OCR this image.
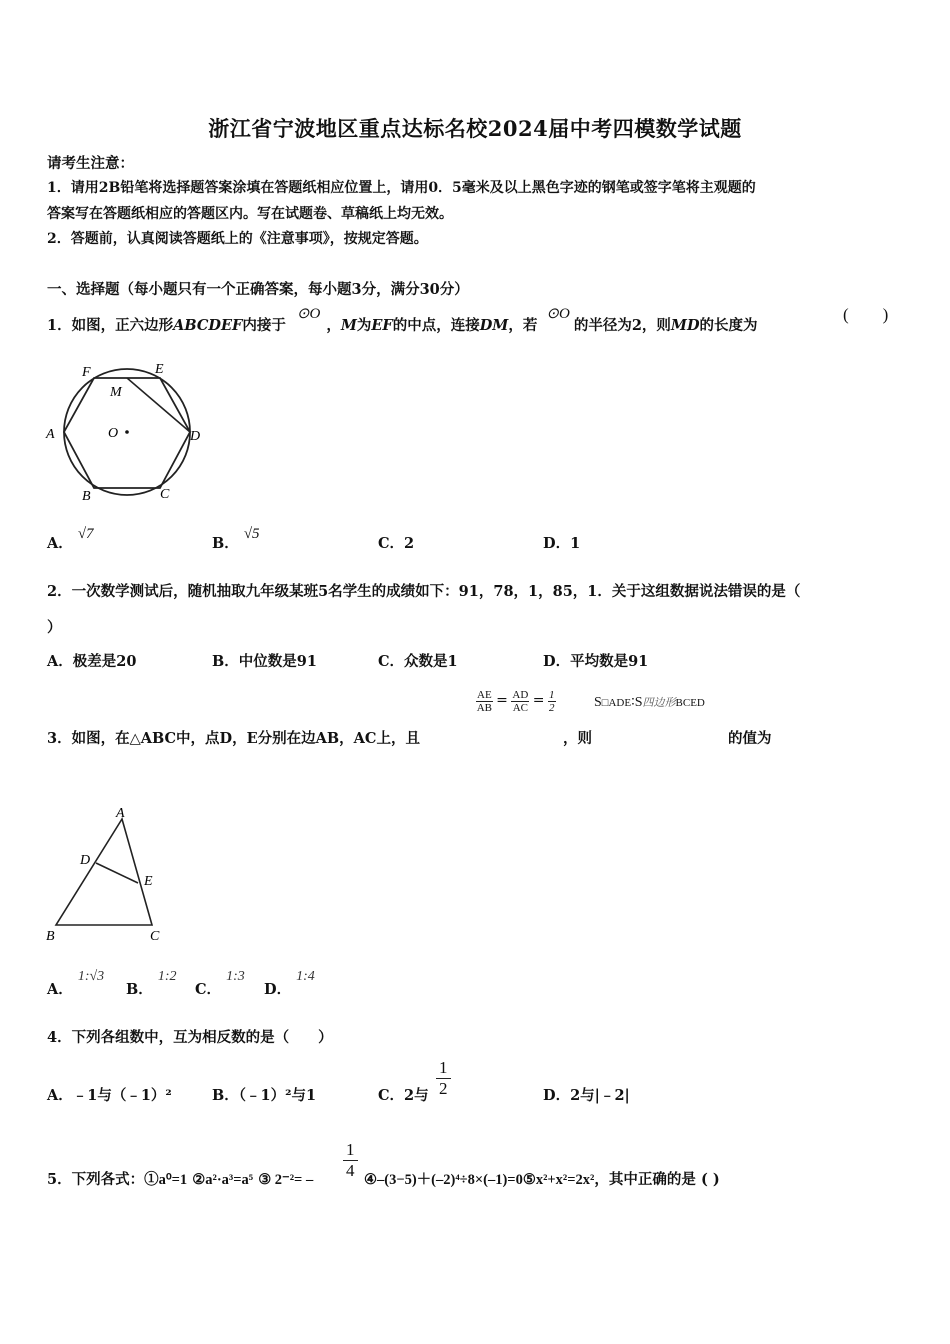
浙江省宁波地区重点达标名校2024届中考四模数学试题
请考生注意：
1．请用2B铅笔将选择题答案涂填在答题纸相应位置上，请用0．5毫米及以上黑色字迹的钢笔或签字笔将主观题的
答案写在答题纸相应的答题区内。写在试题卷、草稿纸上均无效。
2．答题前，认真阅读答题纸上的《注意事项》，按规定答题。
一、选择题（每小题只有一个正确答案，每小题3分，满分30分）
1．如图，正六边形ABCDEF内接于 ⊙O，M为EF的中点，连接DM，若 ⊙O的半径为2，则MD的长度为
(　　)
F	E
M
A	O	D
B	C
A． √7
B． √5
C．2	D．1
2．一次数学测试后，随机抽取九年级某班5名学生的成绩如下：91，78，1，85，1．关于这组数据说法错误的是（
）
A．极差是20	B．中位数是91	C．众数是1	D．平均数是91
$\frac{AE}{AB} = \frac{AD}{AC} = \frac{1}{2}$	S□ADE∶S四边形BCED
3．如图，在△ABC中，点D，E分别在边AB，AC上，且	，则	的值为
A
D
E
B	C
A． 1:√3
B． 1:2
C． 1:3
D． 1:4
4．下列各组数中，互为相反数的是（　　）
A．﹣1与（﹣1）²	B．（﹣1）²与1	C．2与 $\frac{1}{2}$	D．2与|﹣2|
5．下列各式：①a⁰=1 ②a²·a³=a⁵ ③ $2^{-2}= - \frac{1}{4}$ ④–(3−5)＋(–2)⁴÷8×(–1)=0⑤x²+x²=2x²，其中正确的是 ( )
